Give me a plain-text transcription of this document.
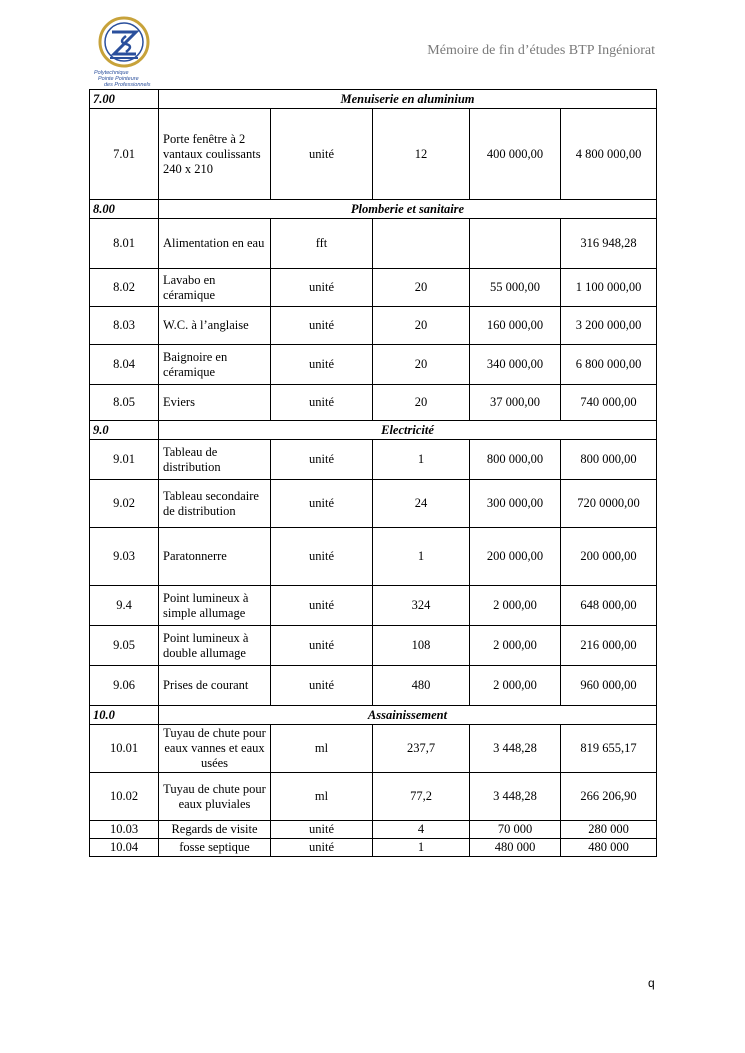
Polytechnique
Pointe Pointeure
des Professionnels
Mémoire de fin d’études BTP Ingéniorat
7.00	Menuiserie en aluminium				
7.01	Porte fenêtre à 2 vantaux coulissants 240 x 210	unité	12	400 000,00	4 800 000,00
8.00	Plomberie et sanitaire				
8.01	Alimentation en eau	fft			316 948,28
8.02	Lavabo en céramique	unité	20	55 000,00	1 100 000,00
8.03	W.C. à l’anglaise	unité	20	160 000,00	3 200 000,00
8.04	Baignoire en céramique	unité	20	340 000,00	6 800 000,00
8.05	Eviers	unité	20	37 000,00	740 000,00
9.0	Electricité				
9.01	Tableau de distribution	unité	1	800 000,00	800 000,00
9.02	Tableau secondaire de distribution	unité	24	300 000,00	720 0000,00
9.03	Paratonnerre	unité	1	200 000,00	200 000,00
9.4	Point lumineux à simple allumage	unité	324	2 000,00	648 000,00
9.05	Point lumineux à double allumage	unité	108	2 000,00	216 000,00
9.06	Prises de courant	unité	480	2 000,00	960 000,00
10.0	Assainissement				
10.01	Tuyau de chute pour eaux vannes et eaux usées	ml	237,7	3 448,28	819 655,17
10.02	Tuyau de chute pour eaux pluviales	ml	77,2	3 448,28	266 206,90
10.03	Regards de visite	unité	4	70 000	280 000
10.04	fosse septique	unité	1	480 000	480 000
q
